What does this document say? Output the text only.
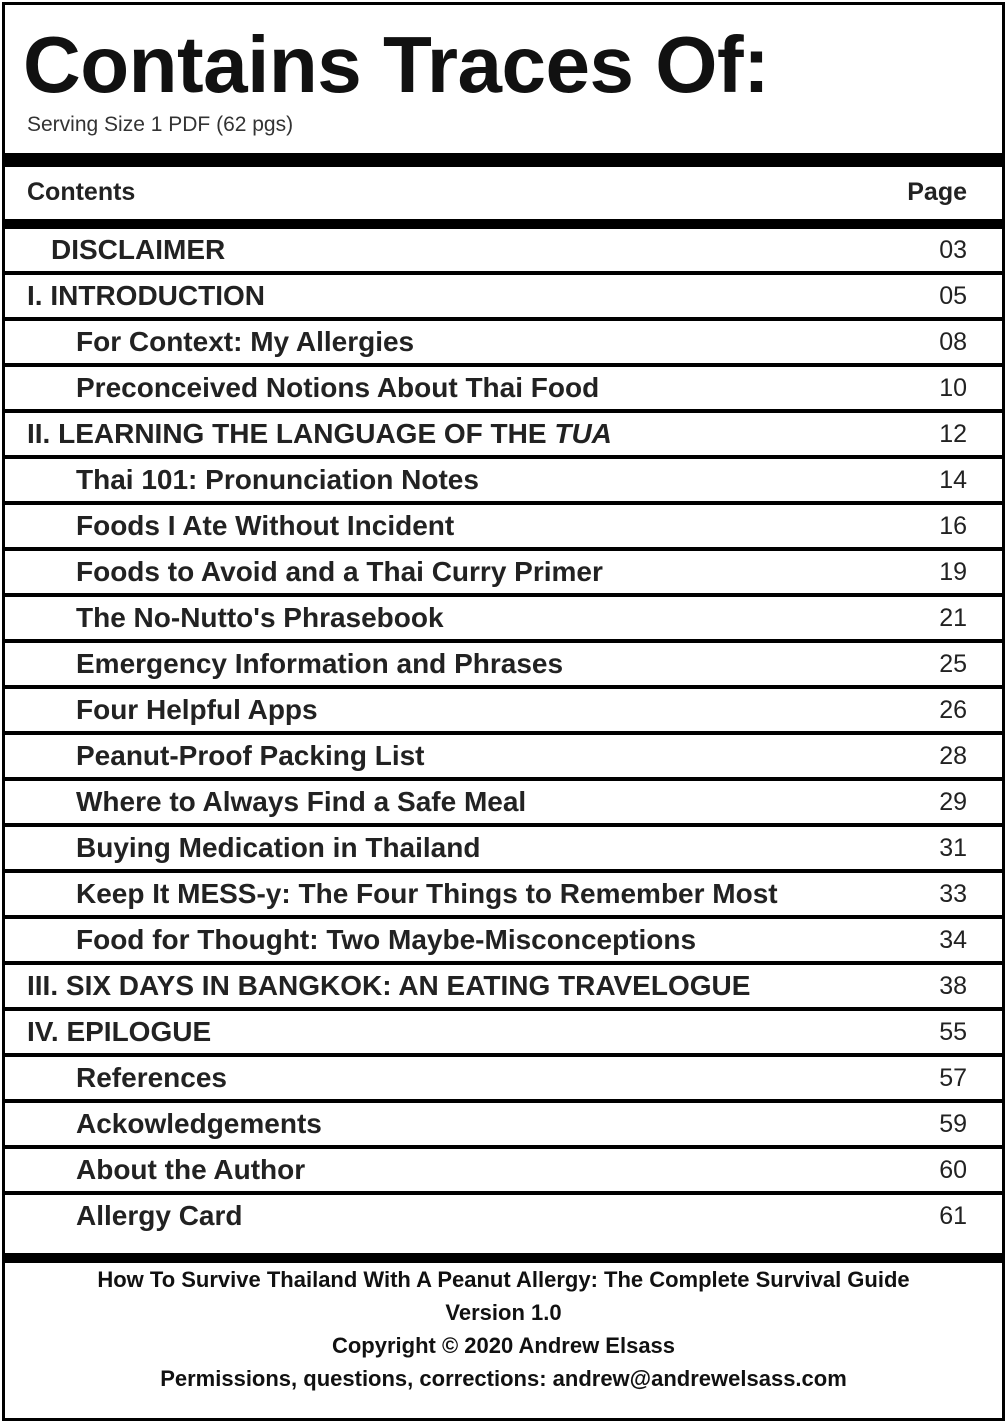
Contains Traces Of:
Serving Size 1 PDF (62 pgs)
Contents	Page
DISCLAIMER	03
I. INTRODUCTION	05
For Context: My Allergies	08
Preconceived Notions About Thai Food	10
II. LEARNING THE LANGUAGE OF THE TUA	12
Thai 101: Pronunciation Notes	14
Foods I Ate Without Incident	16
Foods to Avoid and a Thai Curry Primer	19
The No-Nutto's Phrasebook	21
Emergency Information and Phrases	25
Four Helpful Apps	26
Peanut-Proof Packing List	28
Where to Always Find a Safe Meal	29
Buying Medication in Thailand	31
Keep It MESS-y: The Four Things to Remember Most	33
Food for Thought: Two Maybe-Misconceptions	34
III. SIX DAYS IN BANGKOK: AN EATING TRAVELOGUE	38
IV. EPILOGUE	55
References	57
Ackowledgements	59
About the Author	60
Allergy Card	61
How To Survive Thailand With A Peanut Allergy: The Complete Survival Guide
Version 1.0
Copyright © 2020 Andrew Elsass
Permissions, questions, corrections: andrew@andrewelsass.com
